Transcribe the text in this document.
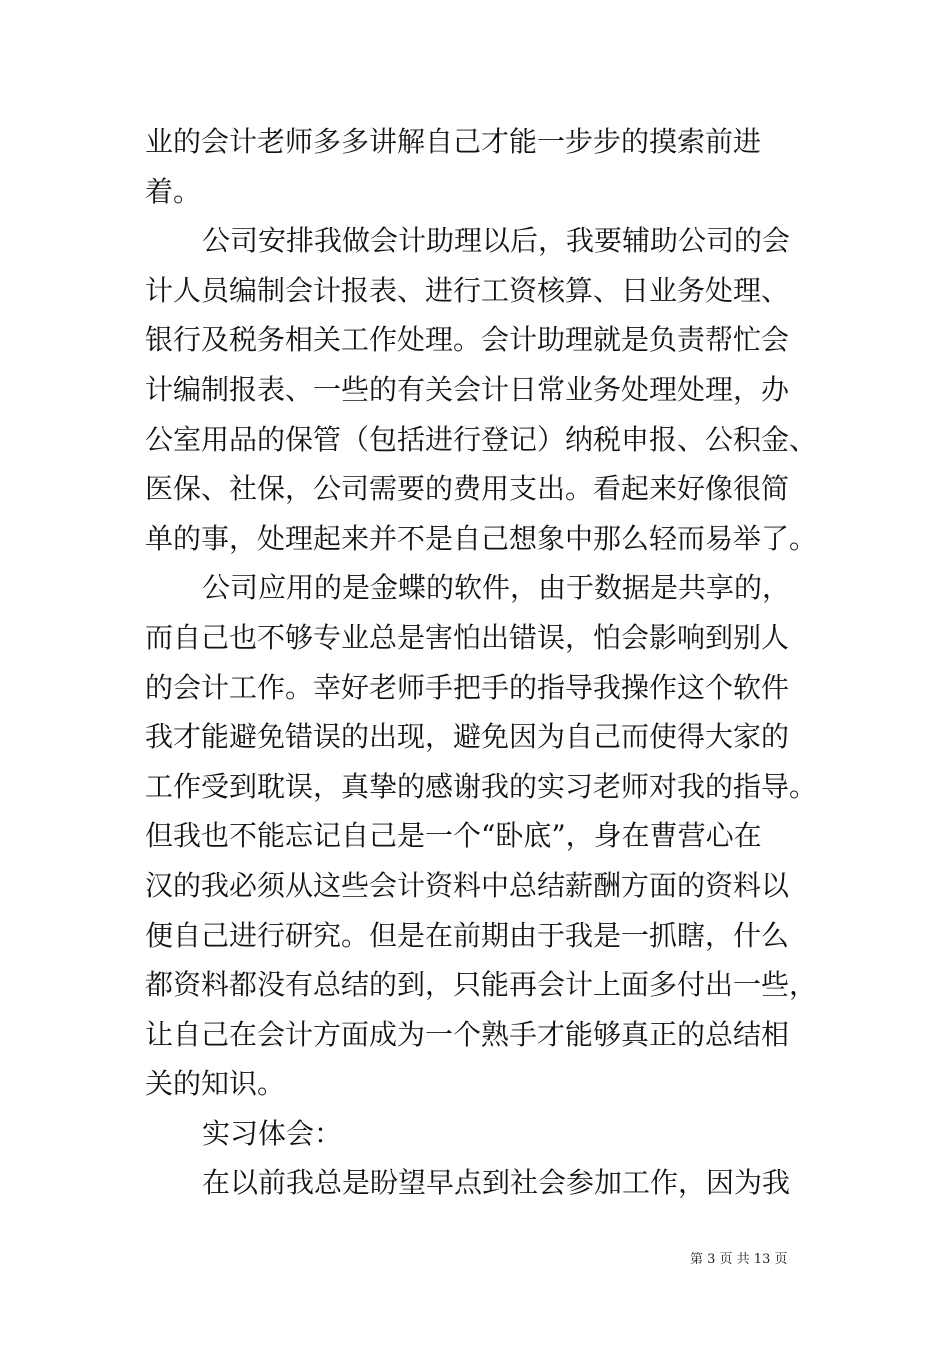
业的会计老师多多讲解自己才能一步步的摸索前进
着。
公司安排我做会计助理以后，我要辅助公司的会
计人员编制会计报表、进行工资核算、日业务处理、
银行及税务相关工作处理。会计助理就是负责帮忙会
计编制报表、一些的有关会计日常业务处理处理，办
公室用品的保管（包括进行登记）纳税申报、公积金、
医保、社保，公司需要的费用支出。看起来好像很简
单的事，处理起来并不是自己想象中那么轻而易举了。
公司应用的是金蝶的软件，由于数据是共享的，
而自己也不够专业总是害怕出错误，怕会影响到别人
的会计工作。幸好老师手把手的指导我操作这个软件
我才能避免错误的出现，避免因为自己而使得大家的
工作受到耽误，真挚的感谢我的实习老师对我的指导。
但我也不能忘记自己是一个“卧底”，身在曹营心在
汉的我必须从这些会计资料中总结薪酬方面的资料以
便自己进行研究。但是在前期由于我是一抓瞎，什么
都资料都没有总结的到，只能再会计上面多付出一些，
让自己在会计方面成为一个熟手才能够真正的总结相
关的知识。
实习体会：
在以前我总是盼望早点到社会参加工作，因为我
第 3 页 共 13 页
